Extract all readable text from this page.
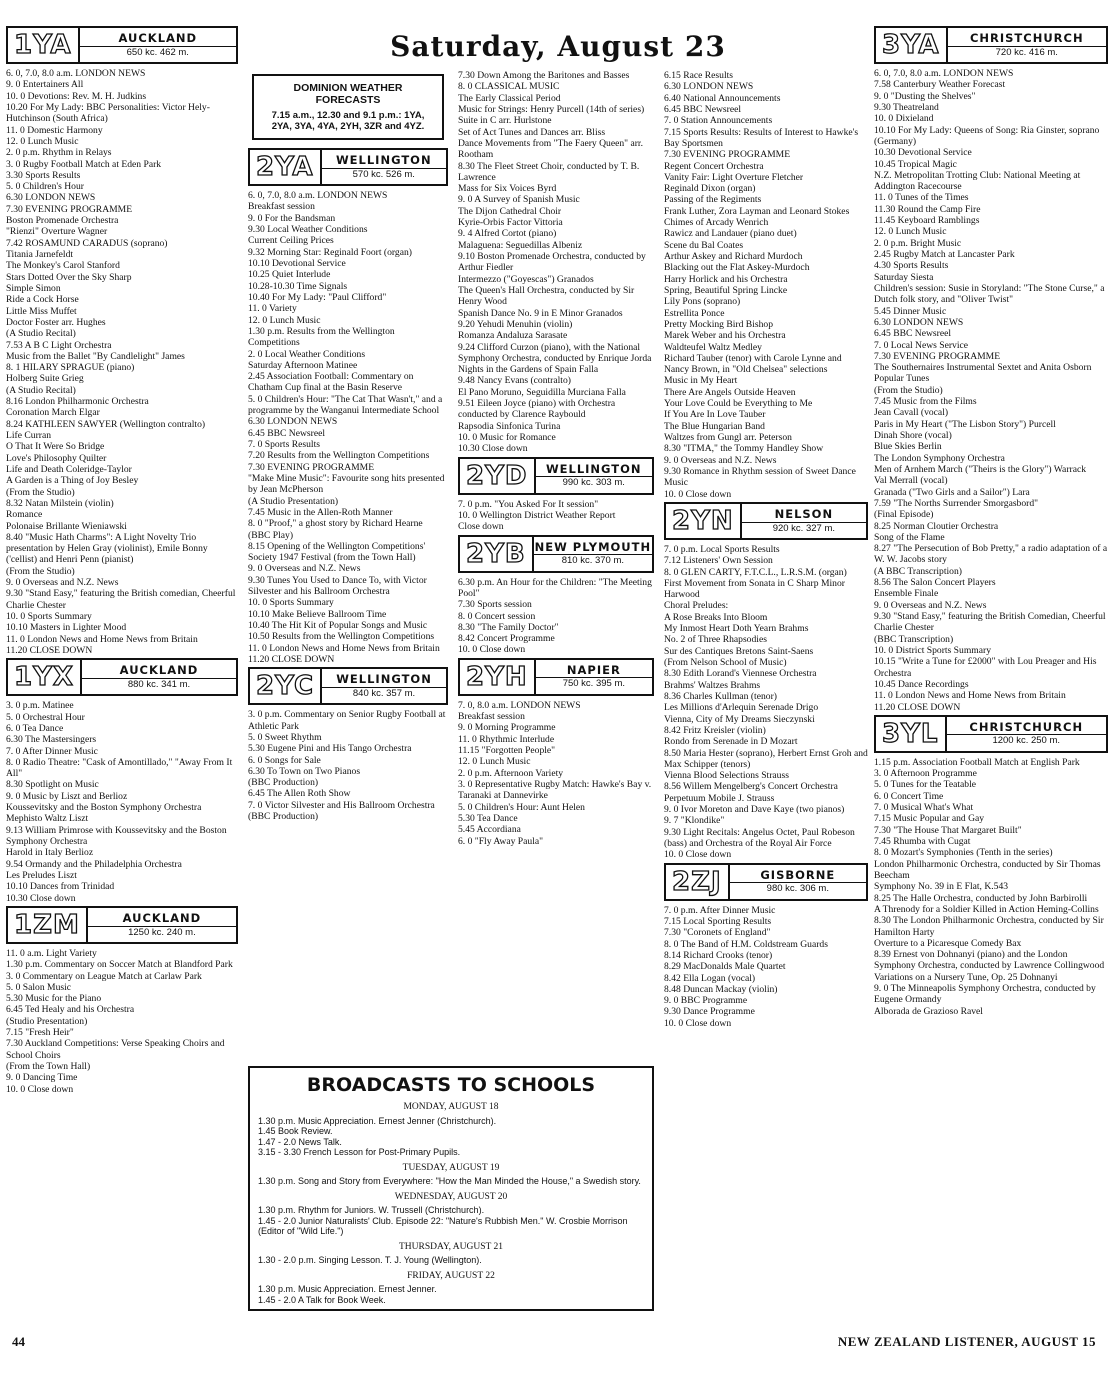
Saturday, August 23
1YA	AUCKLAND
650 kc. 462 m.

6. 0, 7.0, 8.0 a.m. LONDON NEWS

9. 0 Entertainers All

10. 0 Devotions: Rev. M. H. Judkins

10.20 For My Lady: BBC Personalities: Victor Hely-Hutchinson (South Africa)

11. 0 Domestic Harmony

12. 0 Lunch Music

2. 0 p.m. Rhythm in Relays

3. 0 Rugby Football Match at Eden Park

3.30 Sports Results

5. 0 Children's Hour

6.30 LONDON NEWS

7.30 EVENING PROGRAMME

Boston Promenade Orchestra

"Rienzi" Overture Wagner

7.42 ROSAMUND CARADUS (soprano)

Titania Jarnefeldt

The Monkey's Carol Stanford

Stars Dotted Over the Sky Sharp

Simple Simon

Ride a Cock Horse

Little Miss Muffet

Doctor Foster arr. Hughes

(A Studio Recital)

7.53 A B C Light Orchestra

Music from the Ballet "By Candlelight" James

8. 1 HILARY SPRAGUE (piano)

Holberg Suite Grieg

(A Studio Recital)

8.16 London Philharmonic Orchestra

Coronation March Elgar

8.24 KATHLEEN SAWYER (Wellington contralto)

Life Curran

O That It Were So Bridge

Love's Philosophy Quilter

Life and Death Coleridge-Taylor

A Garden is a Thing of Joy Besley

(From the Studio)

8.32 Natan Milstein (violin)

Romance

Polonaise Brillante Wieniawski

8.40 "Music Hath Charms": A Light Novelty Trio presentation by Helen Gray (violinist), Emile Bonny ('cellist) and Henri Penn (pianist)

(From the Studio)

9. 0 Overseas and N.Z. News

9.30 "Stand Easy," featuring the British comedian, Cheerful Charlie Chester

10. 0 Sports Summary

10.10 Masters in Lighter Mood

11. 0 London News and Home News from Britain

11.20 CLOSE DOWN

1YX	AUCKLAND
880 kc. 341 m.

3. 0 p.m. Matinee

5. 0 Orchestral Hour

6. 0 Tea Dance

6.30 The Mastersingers

7. 0 After Dinner Music

8. 0 Radio Theatre: "Cask of Amontillado," "Away From It All"

8.30 Spotlight on Music

9. 0 Music by Liszt and Berlioz

Koussevitsky and the Boston Symphony Orchestra

Mephisto Waltz Liszt

9.13 William Primrose with Koussevitsky and the Boston Symphony Orchestra

Harold in Italy Berlioz

9.54 Ormandy and the Philadelphia Orchestra

Les Preludes Liszt

10.10 Dances from Trinidad

10.30 Close down

1ZM	AUCKLAND
1250 kc. 240 m.

11. 0 a.m. Light Variety

1.30 p.m. Commentary on Soccer Match at Blandford Park

3. 0 Commentary on League Match at Carlaw Park

5. 0 Salon Music

5.30 Music for the Piano

6.45 Ted Healy and his Orchestra

(Studio Presentation)

7.15 "Fresh Heir"

7.30 Auckland Competitions: Verse Speaking Choirs and School Choirs

(From the Town Hall)

9. 0 Dancing Time

10. 0 Close down

DOMINION WEATHER FORECASTS
7.15 a.m., 12.30 and 9.1 p.m.: 1YA, 2YA, 3YA, 4YA, 2YH, 3ZR and 4YZ.
2YA	WELLINGTON
570 kc. 526 m.

6. 0, 7.0, 8.0 a.m. LONDON NEWS

Breakfast session

9. 0 For the Bandsman

9.30 Local Weather Conditions

Current Ceiling Prices

9.32 Morning Star: Reginald Foort (organ)

10.10 Devotional Service

10.25 Quiet Interlude

10.28-10.30 Time Signals

10.40 For My Lady: "Paul Clifford"

11. 0 Variety

12. 0 Lunch Music

1.30 p.m. Results from the Wellington Competitions

2. 0 Local Weather Conditions

Saturday Afternoon Matinee

2.45 Association Football: Commentary on Chatham Cup final at the Basin Reserve

5. 0 Children's Hour: "The Cat That Wasn't," and a programme by the Wanganui Intermediate School

6.30 LONDON NEWS

6.45 BBC Newsreel

7. 0 Sports Results

7.20 Results from the Wellington Competitions

7.30 EVENING PROGRAMME

"Make Mine Music": Favourite song hits presented by Jean McPherson

(A Studio Presentation)

7.45 Music in the Allen-Roth Manner

8. 0 "Proof," a ghost story by Richard Hearne

(BBC Play)

8.15 Opening of the Wellington Competitions' Society 1947 Festival (from the Town Hall)

9. 0 Overseas and N.Z. News

9.30 Tunes You Used to Dance To, with Victor Silvester and his Ballroom Orchestra

10. 0 Sports Summary

10.10 Make Believe Ballroom Time

10.40 The Hit Kit of Popular Songs and Music

10.50 Results from the Wellington Competitions

11. 0 London News and Home News from Britain

11.20 CLOSE DOWN

2YC	WELLINGTON
840 kc. 357 m.

3. 0 p.m. Commentary on Senior Rugby Football at Athletic Park

5. 0 Sweet Rhythm

5.30 Eugene Pini and His Tango Orchestra

6. 0 Songs for Sale

6.30 To Town on Two Pianos

(BBC Production)

6.45 The Allen Roth Show

7. 0 Victor Silvester and His Ballroom Orchestra

(BBC Production)

7.30 Down Among the Baritones and Basses

8. 0 CLASSICAL MUSIC

The Early Classical Period

Music for Strings: Henry Purcell (14th of series)

Suite in C arr. Hurlstone

Set of Act Tunes and Dances arr. Bliss

Dance Movements from "The Faery Queen" arr. Rootham

8.30 The Fleet Street Choir, conducted by T. B. Lawrence

Mass for Six Voices Byrd

9. 0 A Survey of Spanish Music

The Dijon Cathedral Choir

Kyrie-Orbis Factor Vittoria

9. 4 Alfred Cortot (piano)

Malaguena: Seguedillas Albeniz

9.10 Boston Promenade Orchestra, conducted by Arthur Fiedler

Intermezzo ("Goyescas") Granados

The Queen's Hall Orchestra, conducted by Sir Henry Wood

Spanish Dance No. 9 in E Minor Granados

9.20 Yehudi Menuhin (violin)

Romanza Andaluza Sarasate

9.24 Clifford Curzon (piano), with the National Symphony Orchestra, conducted by Enrique Jorda

Nights in the Gardens of Spain Falla

9.48 Nancy Evans (contralto)

El Pano Moruno, Seguidilla Murciana Falla

9.51 Eileen Joyce (piano) with Orchestra conducted by Clarence Raybould

Rapsodia Sinfonica Turina

10. 0 Music for Romance

10.30 Close down

2YD	WELLINGTON
990 kc. 303 m.

7. 0 p.m. "You Asked For It session"

10. 0 Wellington District Weather Report

Close down

2YB NEW PLYMOUTH
810 kc. 370 m.

6.30 p.m. An Hour for the Children: "The Meeting Pool"

7.30 Sports session

8. 0 Concert session

8.30 "The Family Doctor"

8.42 Concert Programme

10. 0 Close down

2YH	NAPIER
750 kc. 395 m.

7. 0, 8.0 a.m. LONDON NEWS

Breakfast session

9. 0 Morning Programme

11. 0 Rhythmic Interlude

11.15 "Forgotten People"

12. 0 Lunch Music

2. 0 p.m. Afternoon Variety

3. 0 Representative Rugby Match: Hawke's Bay v. Taranaki at Dannevirke

5. 0 Children's Hour: Aunt Helen

5.30 Tea Dance

5.45 Accordiana

6. 0 "Fly Away Paula"

6.15 Race Results

6.30 LONDON NEWS

6.40 National Announcements

6.45 BBC Newsreel

7. 0 Station Announcements

7.15 Sports Results: Results of Interest to Hawke's Bay Sportsmen

7.30 EVENING PROGRAMME

Regent Concert Orchestra

Vanity Fair: Light Overture Fletcher

Reginald Dixon (organ)

Passing of the Regiments

Frank Luther, Zora Layman and Leonard Stokes

Chimes of Arcady Wenrich

Rawicz and Landauer (piano duet)

Scene du Bal Coates

Arthur Askey and Richard Murdoch

Blacking out the Flat Askey-Murdoch

Harry Horlick and his Orchestra

Spring, Beautiful Spring Lincke

Lily Pons (soprano)

Estrellita Ponce

Pretty Mocking Bird Bishop

Marek Weber and his Orchestra

Waldteufel Waltz Medley

Richard Tauber (tenor) with Carole Lynne and Nancy Brown, in "Old Chelsea" selections

Music in My Heart

There Are Angels Outside Heaven

Your Love Could be Everything to Me

If You Are In Love Tauber

The Blue Hungarian Band

Waltzes from Gungl arr. Peterson

8.30 "ITMA," the Tommy Handley Show

9. 0 Overseas and N.Z. News

9.30 Romance in Rhythm session of Sweet Dance Music

10. 0 Close down

2YN	NELSON
920 kc. 327 m.

7. 0 p.m. Local Sports Results

7.12 Listeners' Own Session

8. 0 GLEN CARTY, F.T.C.L., L.R.S.M. (organ)

First Movement from Sonata in C Sharp Minor Harwood

Choral Preludes:

A Rose Breaks Into Bloom

My Inmost Heart Doth Yearn Brahms

No. 2 of Three Rhapsodies

Sur des Cantiques Bretons Saint-Saens

(From Nelson School of Music)

8.30 Edith Lorand's Viennese Orchestra

Brahms' Waltzes Brahms

8.36 Charles Kullman (tenor)

Les Millions d'Arlequin Serenade Drigo

Vienna, City of My Dreams Sieczynski

8.42 Fritz Kreisler (violin)

Rondo from Serenade in D Mozart

8.50 Maria Hester (soprano), Herbert Ernst Groh and Max Schipper (tenors)

Vienna Blood Selections Strauss

8.56 Willem Mengelberg's Concert Orchestra

Perpetuum Mobile J. Strauss

9. 0 Ivor Moreton and Dave Kaye (two pianos)

9. 7 "Klondike"

9.30 Light Recitals: Angelus Octet, Paul Robeson (bass) and Orchestra of the Royal Air Force

10. 0 Close down

2ZJ	GISBORNE
980 kc. 306 m.

7. 0 p.m. After Dinner Music

7.15 Local Sporting Results

7.30 "Coronets of England"

8. 0 The Band of H.M. Coldstream Guards

8.14 Richard Crooks (tenor)

8.29 MacDonalds Male Quartet

8.42 Ella Logan (vocal)

8.48 Duncan Mackay (violin)

9. 0 BBC Programme

9.30 Dance Programme

10. 0 Close down

3YA	CHRISTCHURCH
720 kc. 416 m.

6. 0, 7.0, 8.0 a.m. LONDON NEWS

7.58 Canterbury Weather Forecast

9. 0 "Dusting the Shelves"

9.30 Theatreland

10. 0 Dixieland

10.10 For My Lady: Queens of Song: Ria Ginster, soprano (Germany)

10.30 Devotional Service

10.45 Tropical Magic

N.Z. Metropolitan Trotting Club: National Meeting at Addington Racecourse

11. 0 Tunes of the Times

11.30 Round the Camp Fire

11.45 Keyboard Ramblings

12. 0 Lunch Music

2. 0 p.m. Bright Music

2.45 Rugby Match at Lancaster Park

4.30 Sports Results

Saturday Siesta

Children's session: Susie in Storyland: "The Stone Curse," a Dutch folk story, and "Oliver Twist"

5.45 Dinner Music

6.30 LONDON NEWS

6.45 BBC Newsreel

7. 0 Local News Service

7.30 EVENING PROGRAMME

The Southernaires Instrumental Sextet and Anita Osborn

Popular Tunes

(From the Studio)

7.45 Music from the Films

Jean Cavall (vocal)

Paris in My Heart ("The Lisbon Story") Purcell

Dinah Shore (vocal)

Blue Skies Berlin

The London Symphony Orchestra

Men of Arnhem March ("Theirs is the Glory") Warrack

Val Merrall (vocal)

Granada ("Two Girls and a Sailor") Lara

7.59 "The Norths Surrender Smorgasbord"

(Final Episode)

8.25 Norman Cloutier Orchestra

Song of the Flame

8.27 "The Persecution of Bob Pretty," a radio adaptation of a W. W. Jacobs story

(A BBC Transcription)

8.56 The Salon Concert Players

Ensemble Finale

9. 0 Overseas and N.Z. News

9.30 "Stand Easy," featuring the British Comedian, Cheerful Charlie Chester

(BBC Transcription)

10. 0 District Sports Summary

10.15 "Write a Tune for £2000" with Lou Preager and His Orchestra

10.45 Dance Recordings

11. 0 London News and Home News from Britain

11.20 CLOSE DOWN

3YL	CHRISTCHURCH
1200 kc. 250 m.

1.15 p.m. Association Football Match at English Park

3. 0 Afternoon Programme

5. 0 Tunes for the Teatable

6. 0 Concert Time

7. 0 Musical What's What

7.15 Music Popular and Gay

7.30 "The House That Margaret Built"

7.45 Rhumba with Cugat

8. 0 Mozart's Symphonies (Tenth in the series)

London Philharmonic Orchestra, conducted by Sir Thomas Beecham

Symphony No. 39 in E Flat, K.543

8.25 The Halle Orchestra, conducted by John Barbirolli

A Threnody for a Soldier Killed in Action Heming-Collins

8.30 The London Philharmonic Orchestra, conducted by Sir Hamilton Harty

Overture to a Picaresque Comedy Bax

8.39 Ernest von Dohnanyi (piano) and the London Symphony Orchestra, conducted by Lawrence Collingwood

Variations on a Nursery Tune, Op. 25 Dohnanyi

9. 0 The Minneapolis Symphony Orchestra, conducted by Eugene Ormandy

Alborada de Grazioso Ravel

BROADCASTS TO SCHOOLS
MONDAY, AUGUST 18
1.30 p.m. Music Appreciation. Ernest Jenner (Christchurch).
1.45 Book Review.
1.47 - 2.0 News Talk.
3.15 - 3.30 French Lesson for Post-Primary Pupils.
TUESDAY, AUGUST 19
1.30 p.m. Song and Story from Everywhere: "How the Man Minded the House," a Swedish story.
WEDNESDAY, AUGUST 20
1.30 p.m. Rhythm for Juniors. W. Trussell (Christchurch).
1.45 - 2.0 Junior Naturalists' Club. Episode 22: "Nature's Rubbish Men." W. Crosbie Morrison (Editor of "Wild Life.")
THURSDAY, AUGUST 21
1.30 - 2.0 p.m. Singing Lesson. T. J. Young (Wellington).
FRIDAY, AUGUST 22
1.30 p.m. Music Appreciation. Ernest Jenner.
1.45 - 2.0 A Talk for Book Week.
44	NEW ZEALAND LISTENER, AUGUST 15
